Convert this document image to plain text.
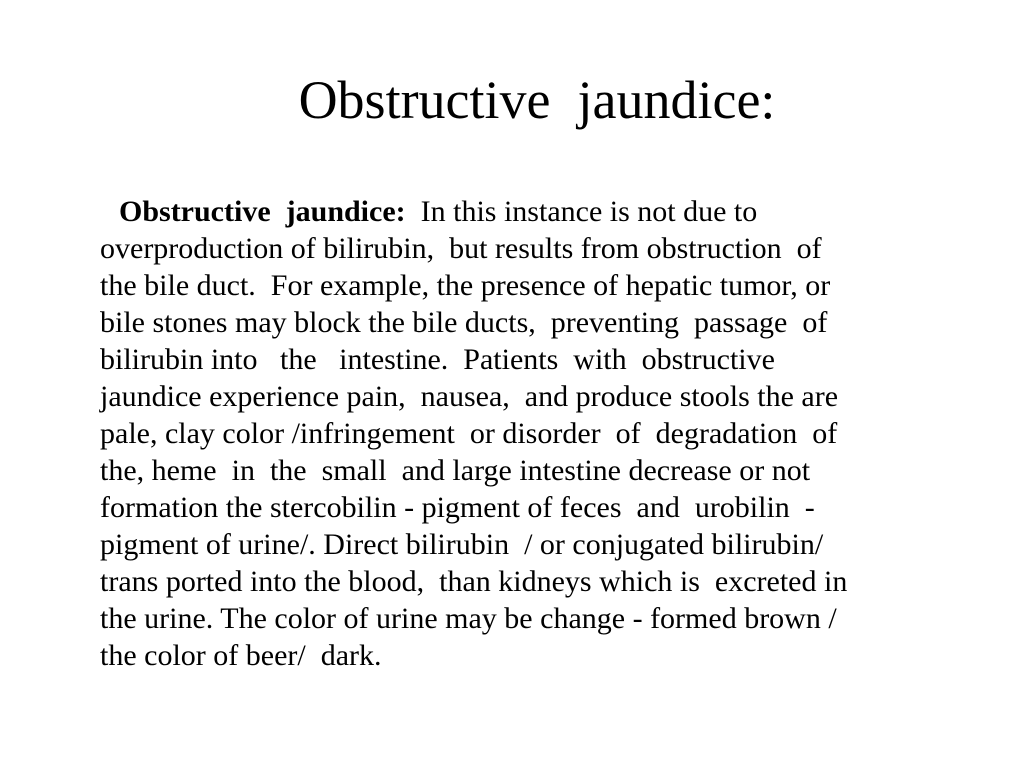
Obstructive  jaundice:
Obstructive  jaundice:  In this instance is not due to
overproduction of bilirubin,  but results from obstruction  of
the bile duct.  For example, the presence of hepatic tumor, or
bile stones may block the bile ducts,  preventing  passage  of
bilirubin into   the   intestine.  Patients  with  obstructive
jaundice experience pain,  nausea,  and produce stools the are
pale, clay color /infringement  or disorder  of  degradation  of
the, heme  in  the  small  and large intestine decrease or not
formation the stercobilin - pigment of feces  and  urobilin  -
pigment of urine/. Direct bilirubin  / or conjugated bilirubin/
trans ported into the blood,  than kidneys which is  excreted in
the urine. The color of urine may be change - formed brown /
the color of beer/  dark.
